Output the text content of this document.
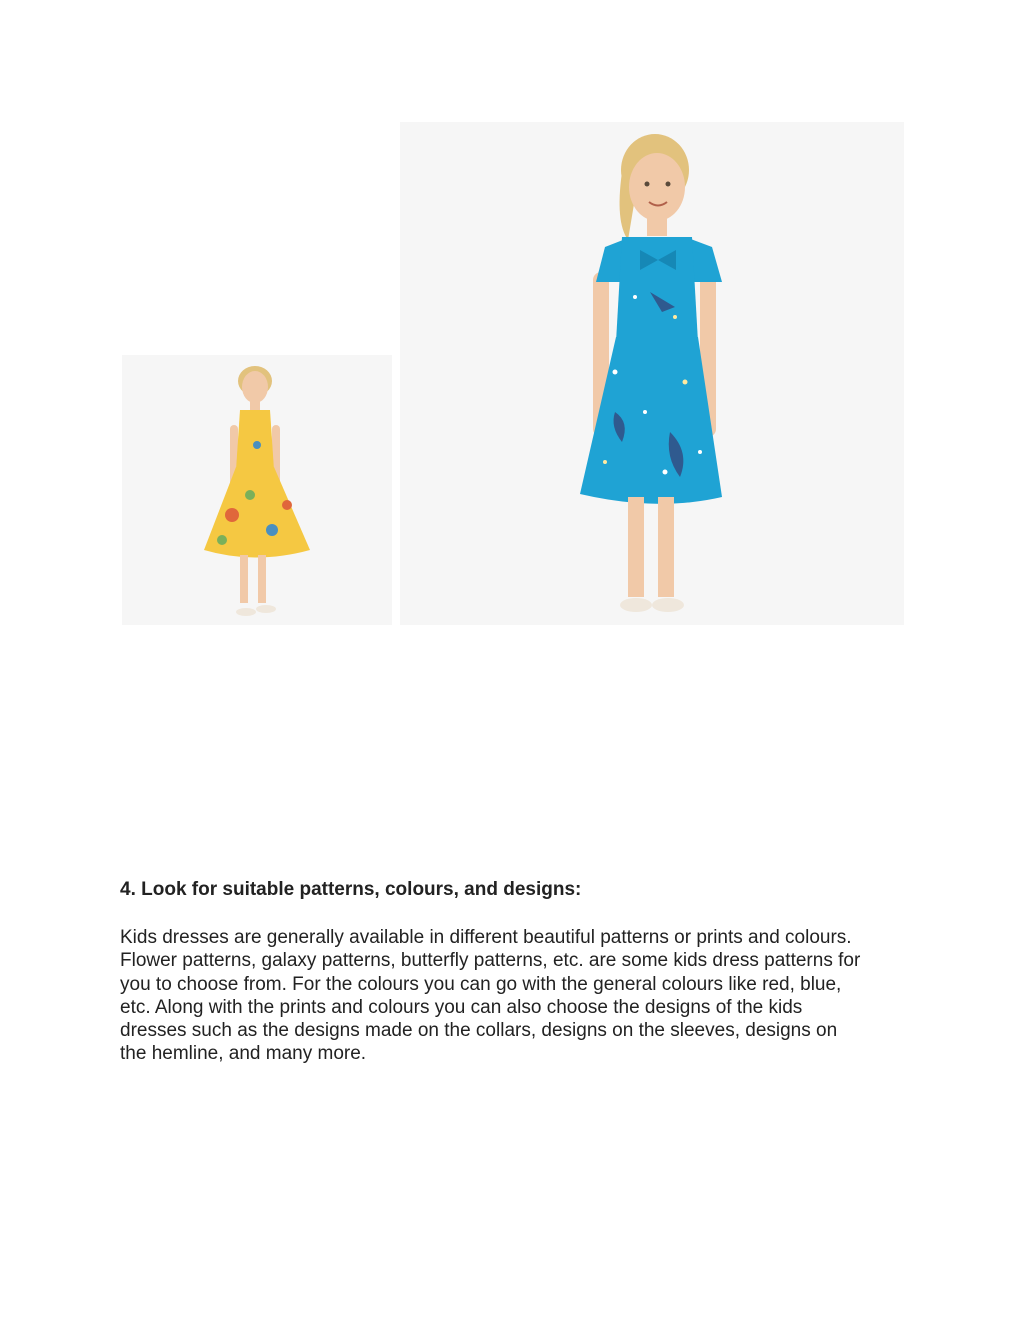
4. Look for suitable patterns, colours, and designs:

Kids dresses are generally available in different beautiful patterns or prints and colours.
Flower patterns, galaxy patterns, butterfly patterns, etc. are some kids dress patterns for
you to choose from. For the colours you can go with the general colours like red, blue,
etc. Along with the prints and colours you can also choose the designs of the kids
dresses such as the designs made on the collars, designs on the sleeves, designs on
the hemline, and many more.
